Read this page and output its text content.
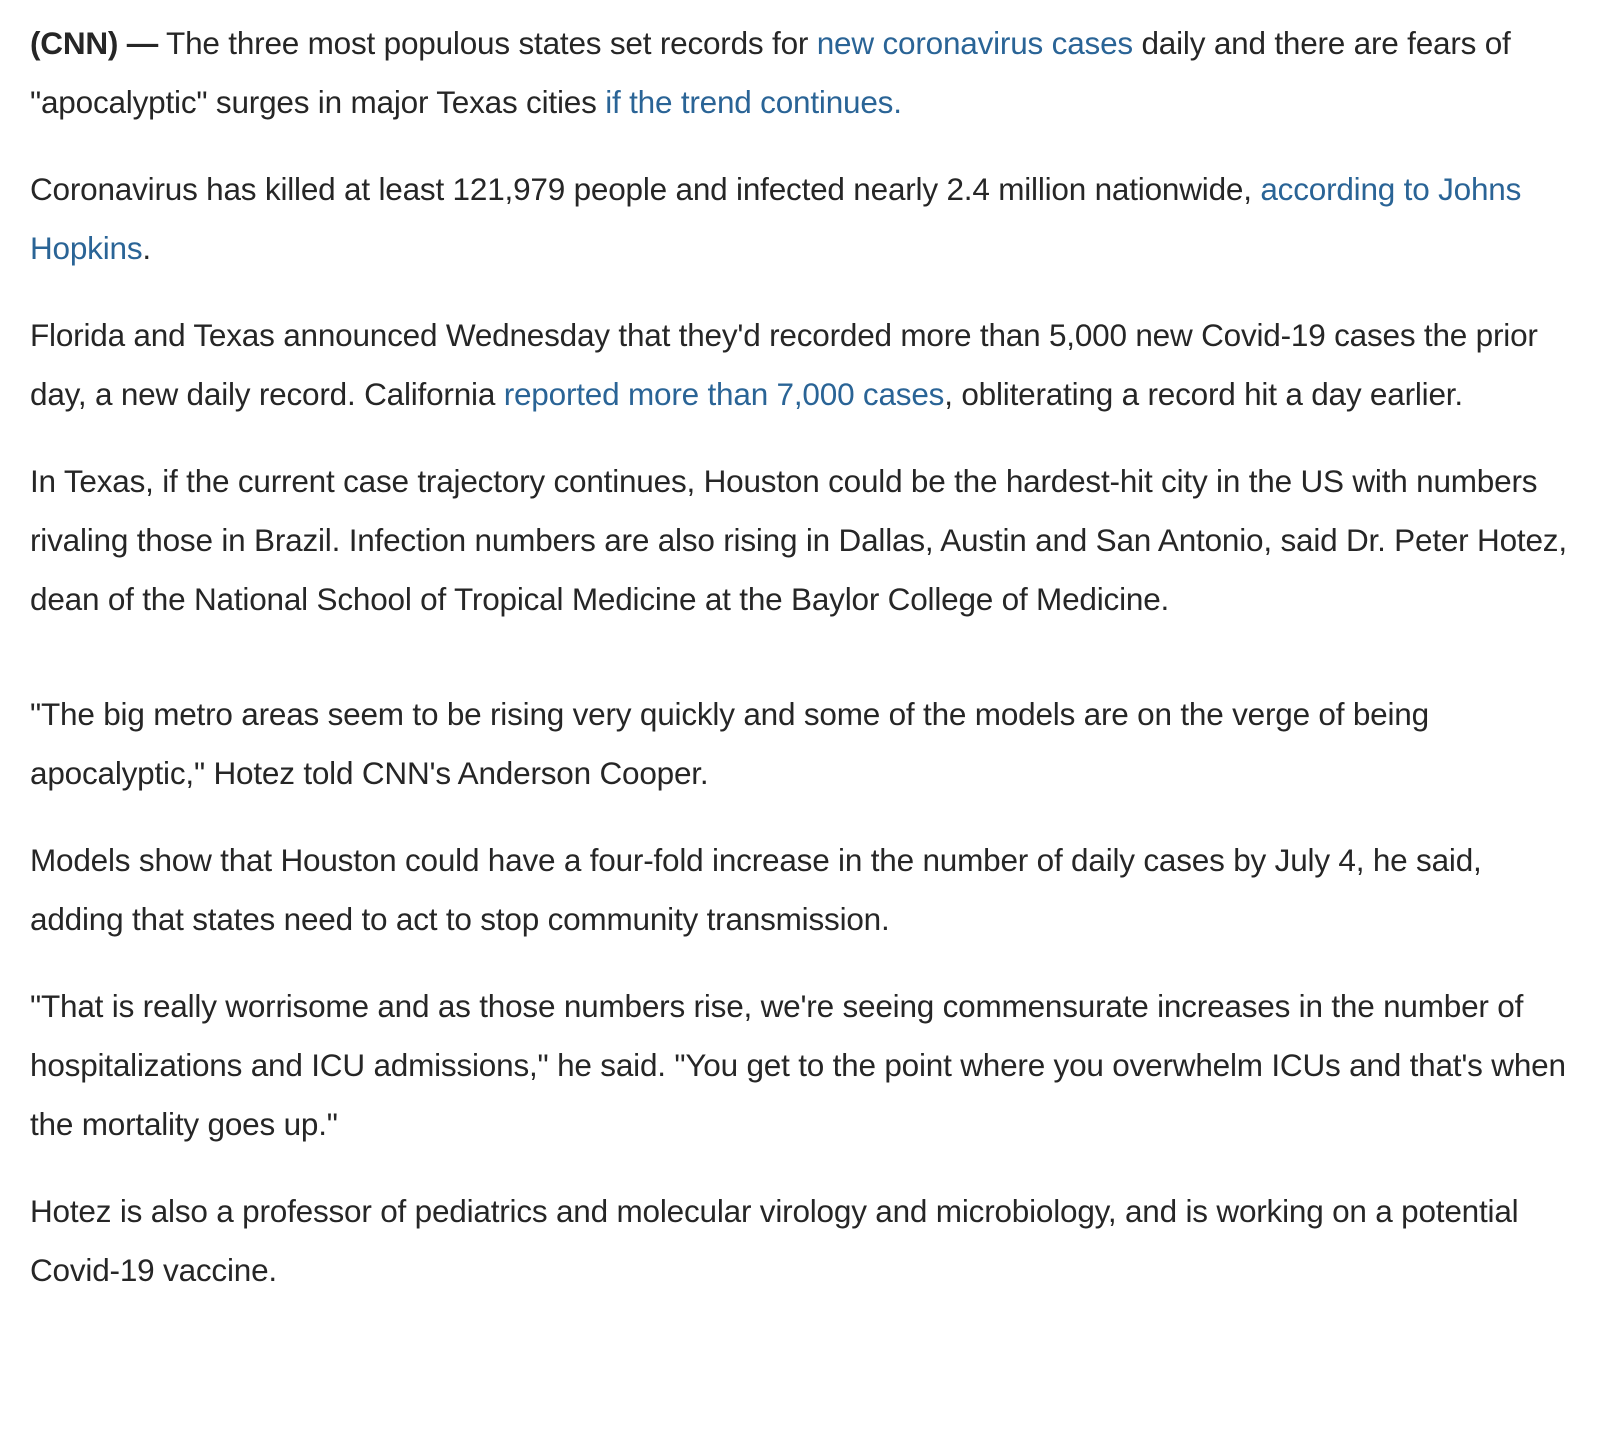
(CNN) — The three most populous states set records for new coronavirus cases daily and there are fears of "apocalyptic" surges in major Texas cities if the trend continues.

Coronavirus has killed at least 121,979 people and infected nearly 2.4 million nationwide, according to Johns Hopkins.

Florida and Texas announced Wednesday that they'd recorded more than 5,000 new Covid-19 cases the prior day, a new daily record. California reported more than 7,000 cases, obliterating a record hit a day earlier.

In Texas, if the current case trajectory continues, Houston could be the hardest-hit city in the US with numbers rivaling those in Brazil. Infection numbers are also rising in Dallas, Austin and San Antonio, said Dr. Peter Hotez, dean of the National School of Tropical Medicine at the Baylor College of Medicine.

"The big metro areas seem to be rising very quickly and some of the models are on the verge of being apocalyptic," Hotez told CNN's Anderson Cooper.

Models show that Houston could have a four-fold increase in the number of daily cases by July 4, he said, adding that states need to act to stop community transmission.

"That is really worrisome and as those numbers rise, we're seeing commensurate increases in the number of hospitalizations and ICU admissions," he said. "You get to the point where you overwhelm ICUs and that's when the mortality goes up."

Hotez is also a professor of pediatrics and molecular virology and microbiology, and is working on a potential Covid-19 vaccine.
